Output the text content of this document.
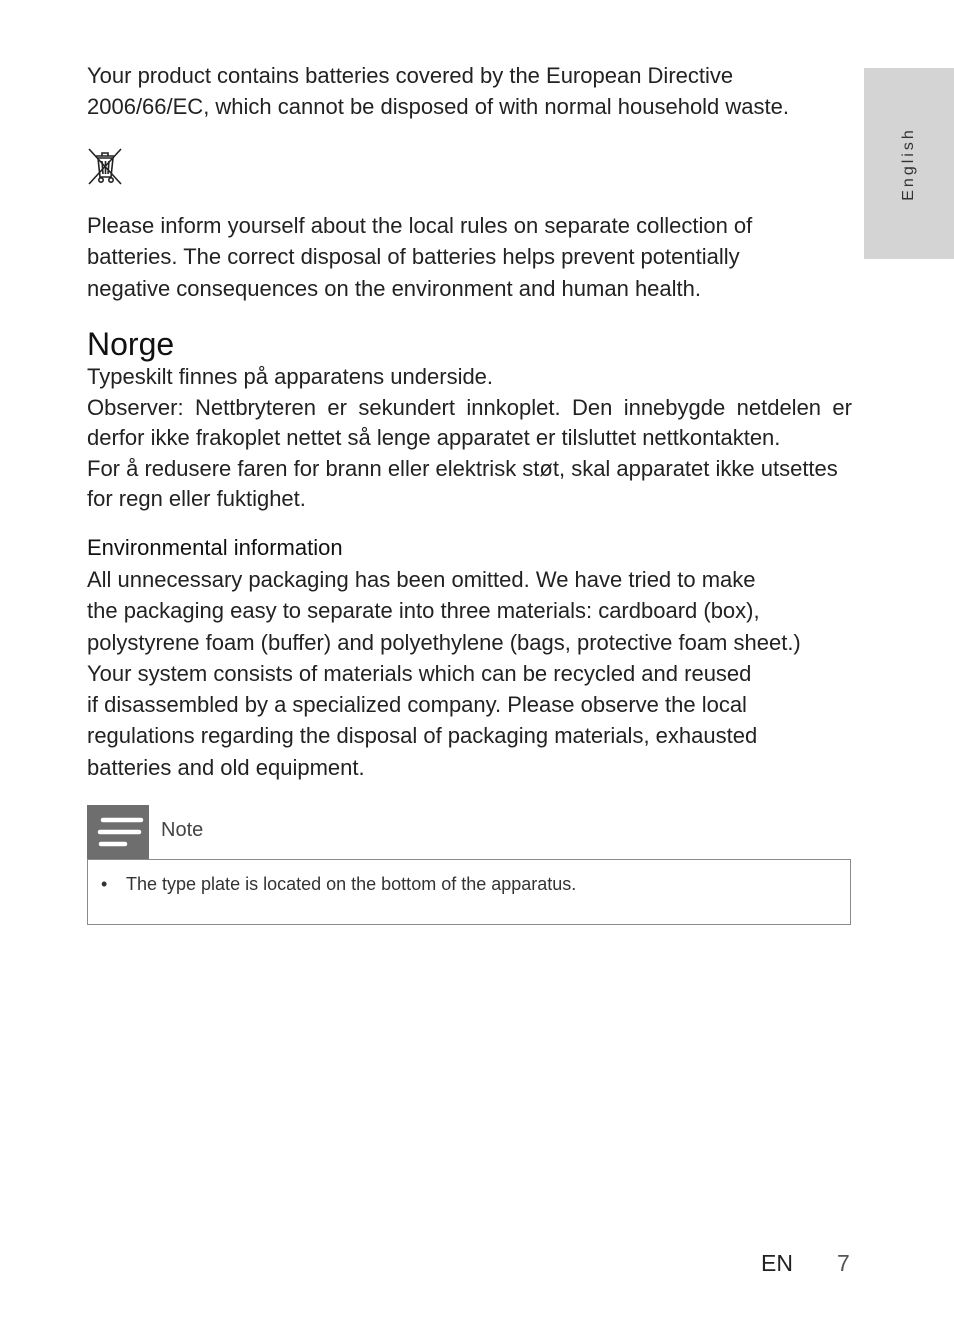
English

Your product contains batteries covered by the European Directive
2006/66/EC, which cannot be disposed of with normal household waste.

Please inform yourself about the local rules on separate collection of
batteries. The correct disposal of batteries helps prevent potentially
negative consequences on the environment and human health.

Norge

Typeskilt finnes på apparatens underside.
Observer: Nettbryteren er sekundert innkoplet. Den innebygde netdelen er
derfor ikke frakoplet nettet så lenge apparatet er tilsluttet nettkontakten.
For å redusere faren for brann eller elektrisk støt, skal apparatet ikke utsettes
for regn eller fuktighet.

Environmental information

All unnecessary packaging has been omitted. We have tried to make
the packaging easy to separate into three materials: cardboard (box),
polystyrene foam (buffer) and polyethylene (bags, protective foam sheet.)
Your system consists of materials which can be recycled and reused
if disassembled by a specialized company. Please observe the local
regulations regarding the disposal of packaging materials, exhausted
batteries and old equipment.

Note
• The type plate is located on the bottom of the apparatus.
EN 7
